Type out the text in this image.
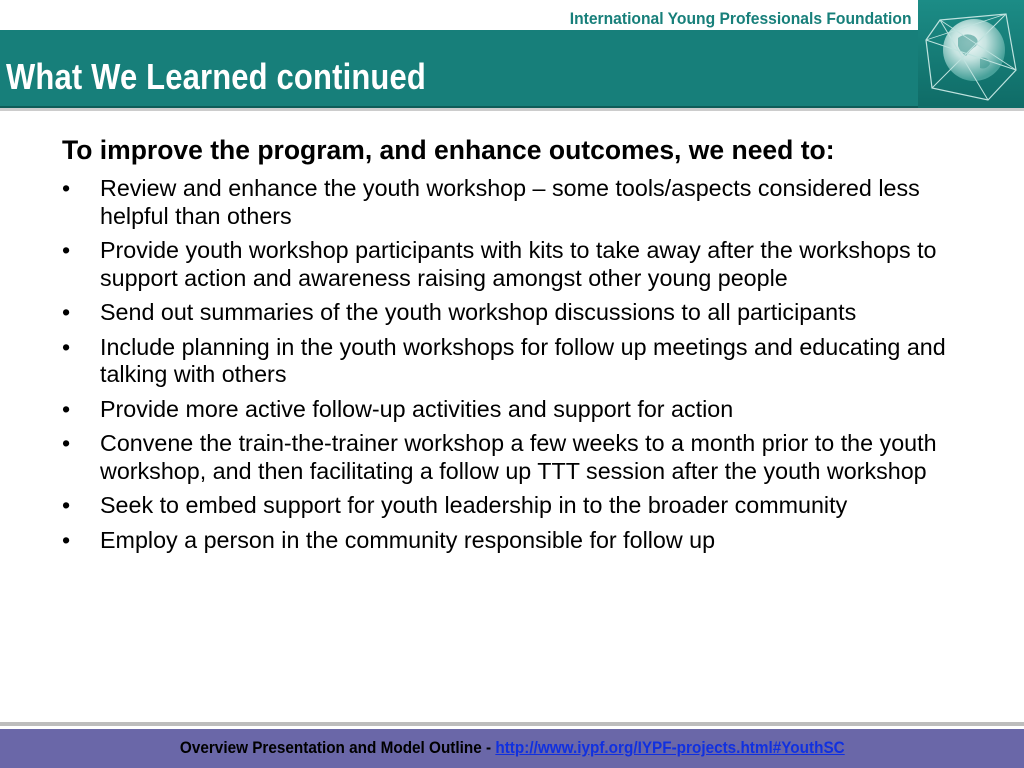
International Young Professionals Foundation
What We Learned continued

To improve the program, and enhance outcomes, we need to:

•	Review and enhance the youth workshop – some tools/aspects considered less helpful than others
•	Provide youth workshop participants with kits to take away after the workshops to support action and awareness raising amongst other young people
•	Send out summaries of the youth workshop discussions to all participants
•	Include planning in the youth workshops for follow up meetings and educating and talking with others
•	Provide more active follow-up activities and support for action
•	Convene the train-the-trainer workshop a few weeks to a month prior to the youth workshop, and then facilitating a follow up TTT session after the youth workshop
•	Seek to embed support for youth leadership in to the broader community
•	Employ a person in the community responsible for follow up
Overview Presentation and Model Outline - http://www.iypf.org/IYPF-projects.html#YouthSC
